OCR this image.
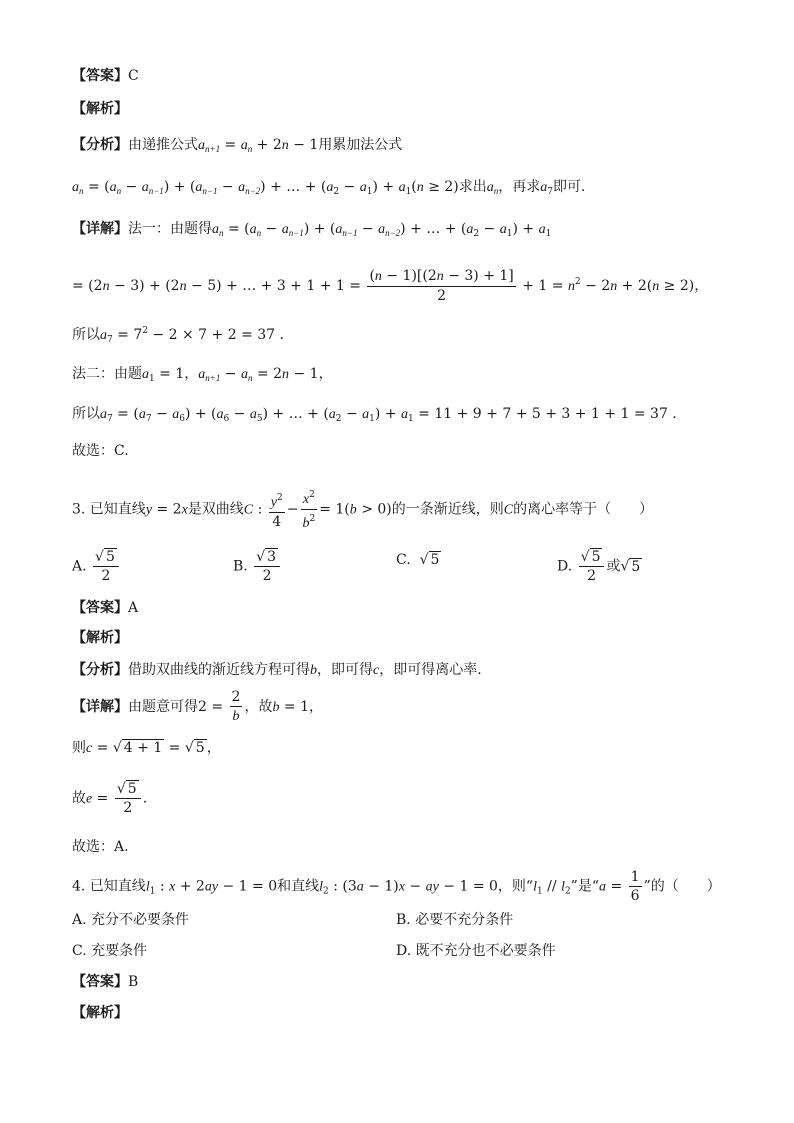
【答案】C
【解析】
【分析】由递推公式$a_{n+1} = a_n + 2n - 1$用累加法公式
$a_n = (a_n - a_{n-1}) + (a_{n-1} - a_{n-2})$ + … + $(a_2 - a_1) + a_1(n \ge 2)$求出$a_n$，再求$a_7$即可.
【详解】法一：由题得$a_n = (a_n - a_{n-1}) + (a_{n-1} - a_{n-2})$ + … + $(a_2 - a_1) + a_1$
= (2n − 3) + (2n − 5) + … + $3 + 1 + 1 = \frac{(n - 1)[(2n - 3) + 1]}{2} + 1 = n^2 - 2n + 2(n \ge 2)$，
所以$a_7 = 7^2 - 2 \times 7 + 2 = 37$ .
法二：由题$a_1 = 1$，$a_{n+1} - a_n = 2n - 1$，
所以$a_7 = (a_7 - a_6) + (a_6 - a_5)$ + … + $(a_2 - a_1) + a_1 = 11 + 9 + 7 + 5 + 3 + 1 + 1 = 37$ .
故选：C.
3. 已知直线y = 2x是双曲线C : $\frac{y^2}{4} - \frac{x^2}{b^2} = 1(b > 0)$的一条渐近线，则C的离心率等于（　　）
A. $\frac{√ 5}{2}$	B. $\frac{√ 3}{2}$	C.  √ 5	D. $\frac{√ 5}{2}$ 或√ 5
【答案】A
【解析】
【分析】借助双曲线的渐近线方程可得b，即可得c，即可得离心率.
【详解】由题意可得$2 = \frac{2}{b}$ ，故b = 1，
则c = √ 4 + 1 = √ 5 ，
故$e = \frac{√ 5}{2}$ .
故选：A.
4. 已知直线$l_1$ : x + 2ay − 1 = 0和直线$l_2$ : (3a − 1)x − ay − 1 = 0，则“$l_1 // l_2$”是“$a = \frac{1}{6}$ ”的（　　）
A. 充分不必要条件	B. 必要不充分条件
C. 充要条件	D. 既不充分也不必要条件
【答案】B
【解析】
